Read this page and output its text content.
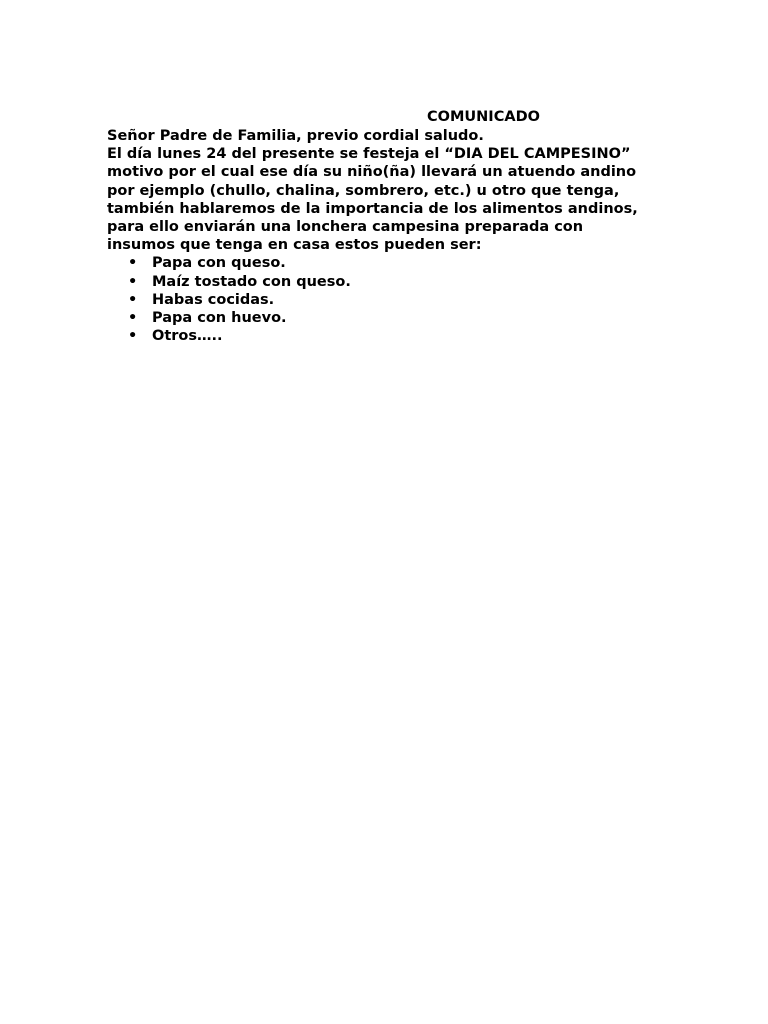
COMUNICADO

Señor Padre de Familia, previo cordial saludo.

El día lunes 24 del presente se festeja el “DIA DEL CAMPESINO”

motivo por el cual ese día su niño(ña) llevará un atuendo andino

por ejemplo (chullo, chalina, sombrero, etc.) u otro que tenga,

también hablaremos de la importancia de los alimentos andinos,

para ello enviarán una lonchera campesina preparada con

insumos que tenga en casa estos pueden ser:

• Papa con queso.
• Maíz tostado con queso.
• Habas cocidas.
• Papa con huevo.
• Otros…..
